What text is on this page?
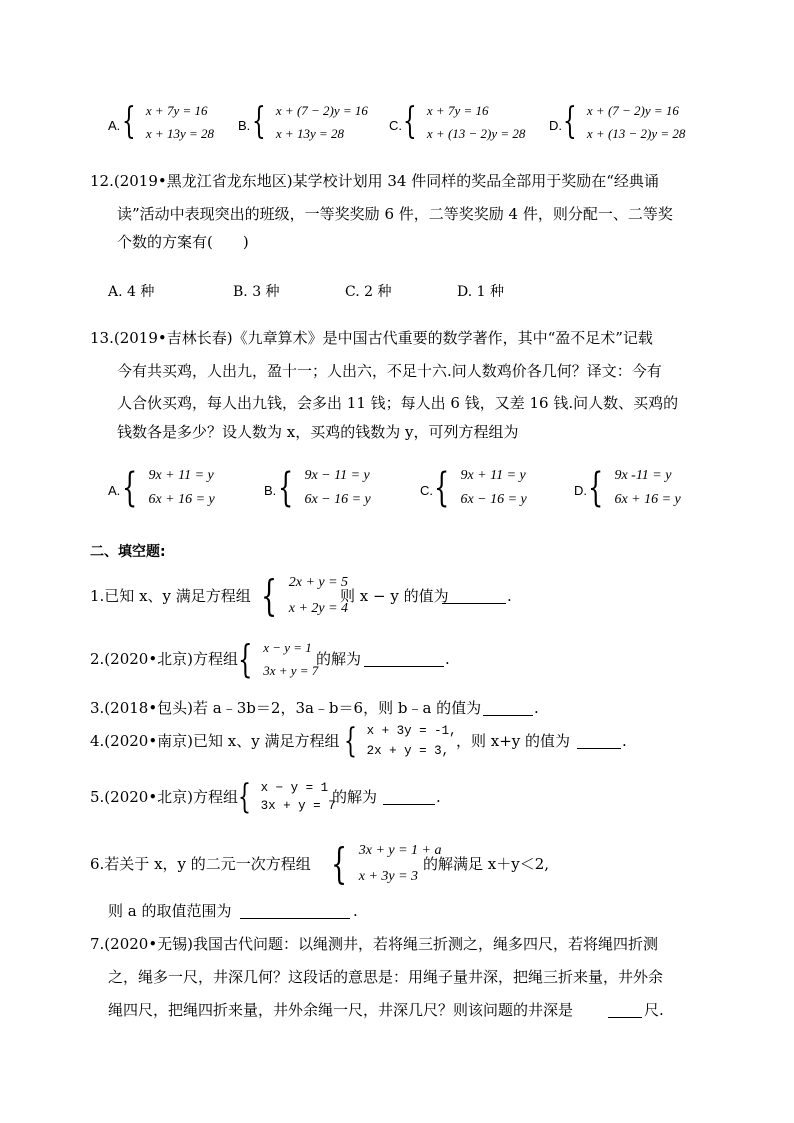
A. { x + 7y = 16
x + 13y = 28
B. { x + (7 − 2)y = 16
x + 13y = 28
C. { x + 7y = 16
x + (13 − 2)y = 28
D. { x + (7 − 2)y = 16
x + (13 − 2)y = 28
12.(2019•黑龙江省龙东地区)某学校计划用 34 件同样的奖品全部用于奖励在“经典诵
读”活动中表现突出的班级，一等奖奖励 6 件，二等奖奖励 4 件，则分配一、二等奖
个数的方案有(　　)
A. 4 种	B. 3 种	C. 2 种	D. 1 种
13.(2019•吉林长春)《九章算术》是中国古代重要的数学著作，其中“盈不足术”记载
今有共买鸡，人出九，盈十一；人出六，不足十六.问人数鸡价各几何？译文：今有
人合伙买鸡，每人出九钱，会多出 11 钱；每人出 6 钱，又差 16 钱.问人数、买鸡的
钱数各是多少？设人数为 x，买鸡的钱数为 y，可列方程组为
A. { 9x + 11 = y
6x + 16 = y
B. { 9x − 11 = y
6x − 16 = y
C. { 9x + 11 = y
6x − 16 = y
D. { 9x -11 = y
6x + 16 = y
二、填空题:
1.已知 x、y 满足方程组 { 2x + y = 5
x + 2y = 4
则 x − y 的值为	.
2.(2020•北京)方程组 { x − y = 1
3x + y = 7
的解为	.
3.(2018•包头)若 a﹣3b＝2，3a﹣b＝6，则 b﹣a 的值为	.
4.(2020•南京)已知 x、y 满足方程组 { x + 3y = -1,
2x + y = 3,
，则 x+y 的值为	.
5.(2020•北京)方程组 { x − y = 1
3x + y = 7
的解为	.
6.若关于 x，y 的二元一次方程组 { 3x + y = 1 + a
x + 3y = 3
的解满足 x＋y＜2,
则 a 的取值范围为	.
7.(2020•无锡)我国古代问题：以绳测井，若将绳三折测之，绳多四尺，若将绳四折测
之，绳多一尺，井深几何？这段话的意思是：用绳子量井深，把绳三折来量，井外余
绳四尺，把绳四折来量，井外余绳一尺，井深几尺？则该问题的井深是	尺.
